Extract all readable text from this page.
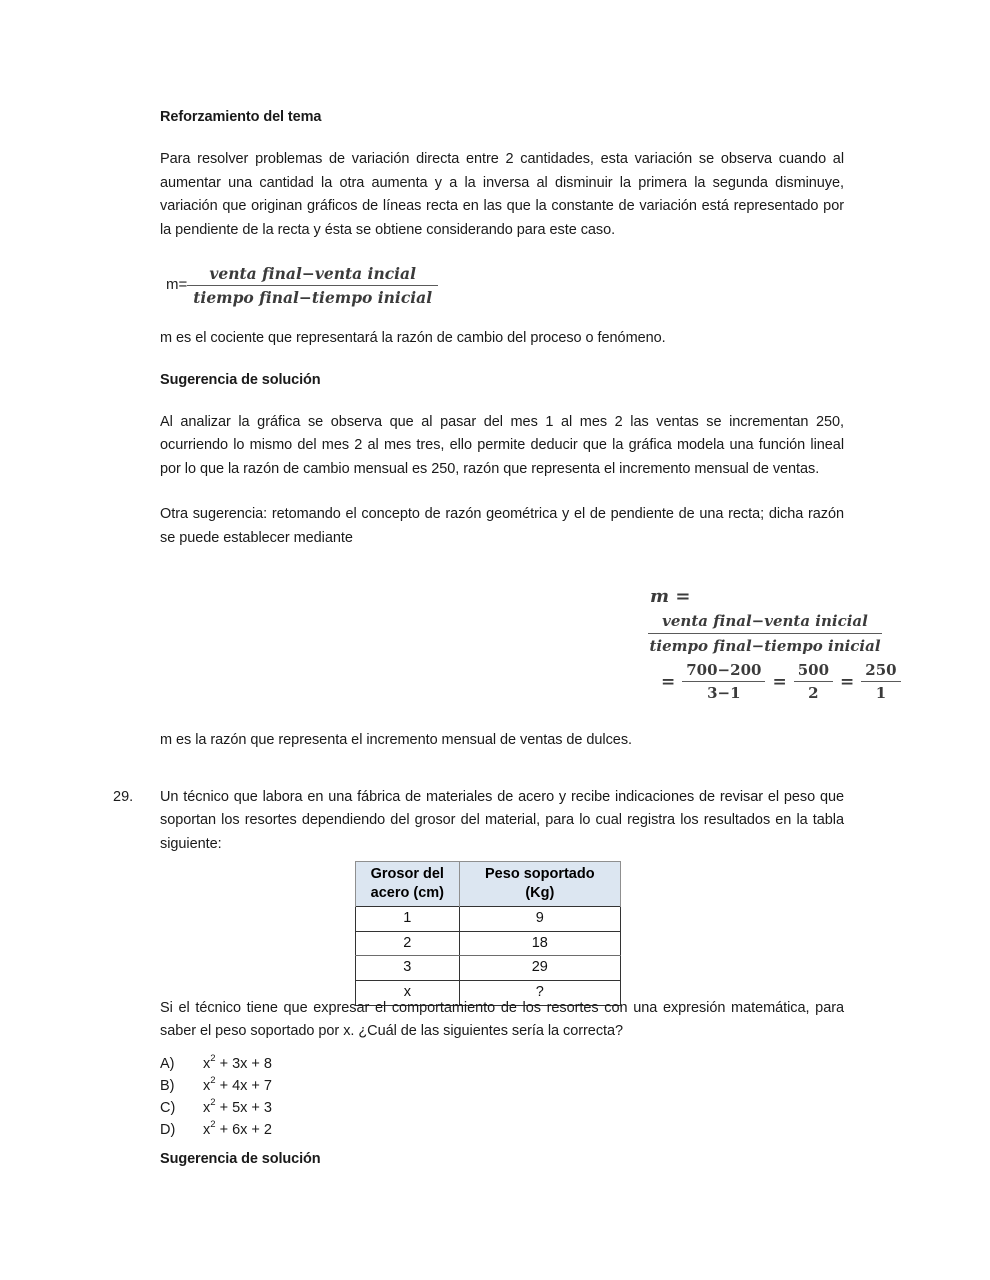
Reforzamiento del tema

Para resolver problemas de variación directa entre 2 cantidades, esta variación se observa cuando al aumentar una cantidad la otra aumenta y a la inversa al disminuir la primera la segunda disminuye, variación que originan gráficos de líneas recta en las que la constante de variación está representado por la pendiente de la recta y ésta se obtiene considerando para este caso.

$m= \frac{\text{venta final−venta incial}}{\text{tiempo final−tiempo inicial}}$

m es el cociente que representará la razón de cambio del proceso o fenómeno.

Sugerencia de solución

Al analizar la gráfica se observa que al pasar del mes 1 al mes 2 las ventas se incrementan 250, ocurriendo lo mismo del mes 2 al mes tres, ello permite deducir que la gráfica modela una función lineal por lo que la razón de cambio mensual es 250, razón que representa el incremento mensual de ventas.

Otra sugerencia: retomando el concepto de razón geométrica y el de pendiente de una recta; dicha razón se puede establecer mediante

m =
$\frac{\text{venta final−venta inicial}}{\text{tiempo final−tiempo inicial}}$
= $\frac{700-200}{3-1} = \frac{500}{2} = \frac{250}{1}$
m es la razón que representa el incremento mensual de ventas de dulces.
29.	Un técnico que labora en una fábrica de materiales de acero y recibe indicaciones de revisar el peso que soportan los resortes dependiendo del grosor del material, para lo cual registra los resultados en la tabla siguiente:
Grosor del
acero (cm)	Peso soportado
(Kg)
1	9
2	18
3	29
x	?
Si el técnico tiene que expresar el comportamiento de los resortes con una expresión matemática, para saber el peso soportado por x. ¿Cuál de las siguientes sería la correcta?
A)	$x^2 + 3x + 8$
B)	$x^2 + 4x + 7$
C)	$x^2 + 5x + 3$
D)	$x^2 + 6x + 2$
Sugerencia de solución
